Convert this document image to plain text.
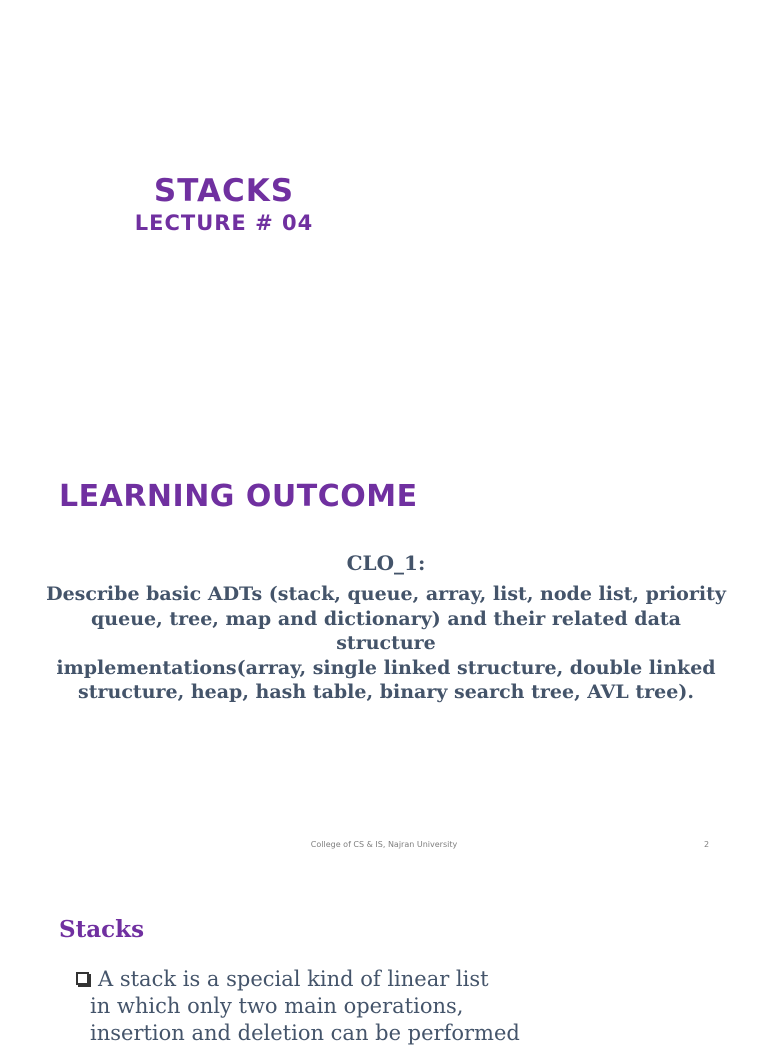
STACKS
LECTURE # 04
LEARNING OUTCOME
CLO_1:
Describe basic ADTs (stack, queue, array, list, node list, priority
queue, tree, map and dictionary) and their related data structure
implementations(array, single linked structure, double linked
structure, heap, hash table, binary search tree, AVL tree).
College of CS & IS, Najran University	2
Stacks
A stack is a special kind of linear list
in which only two main operations,
insertion and deletion can be performed
